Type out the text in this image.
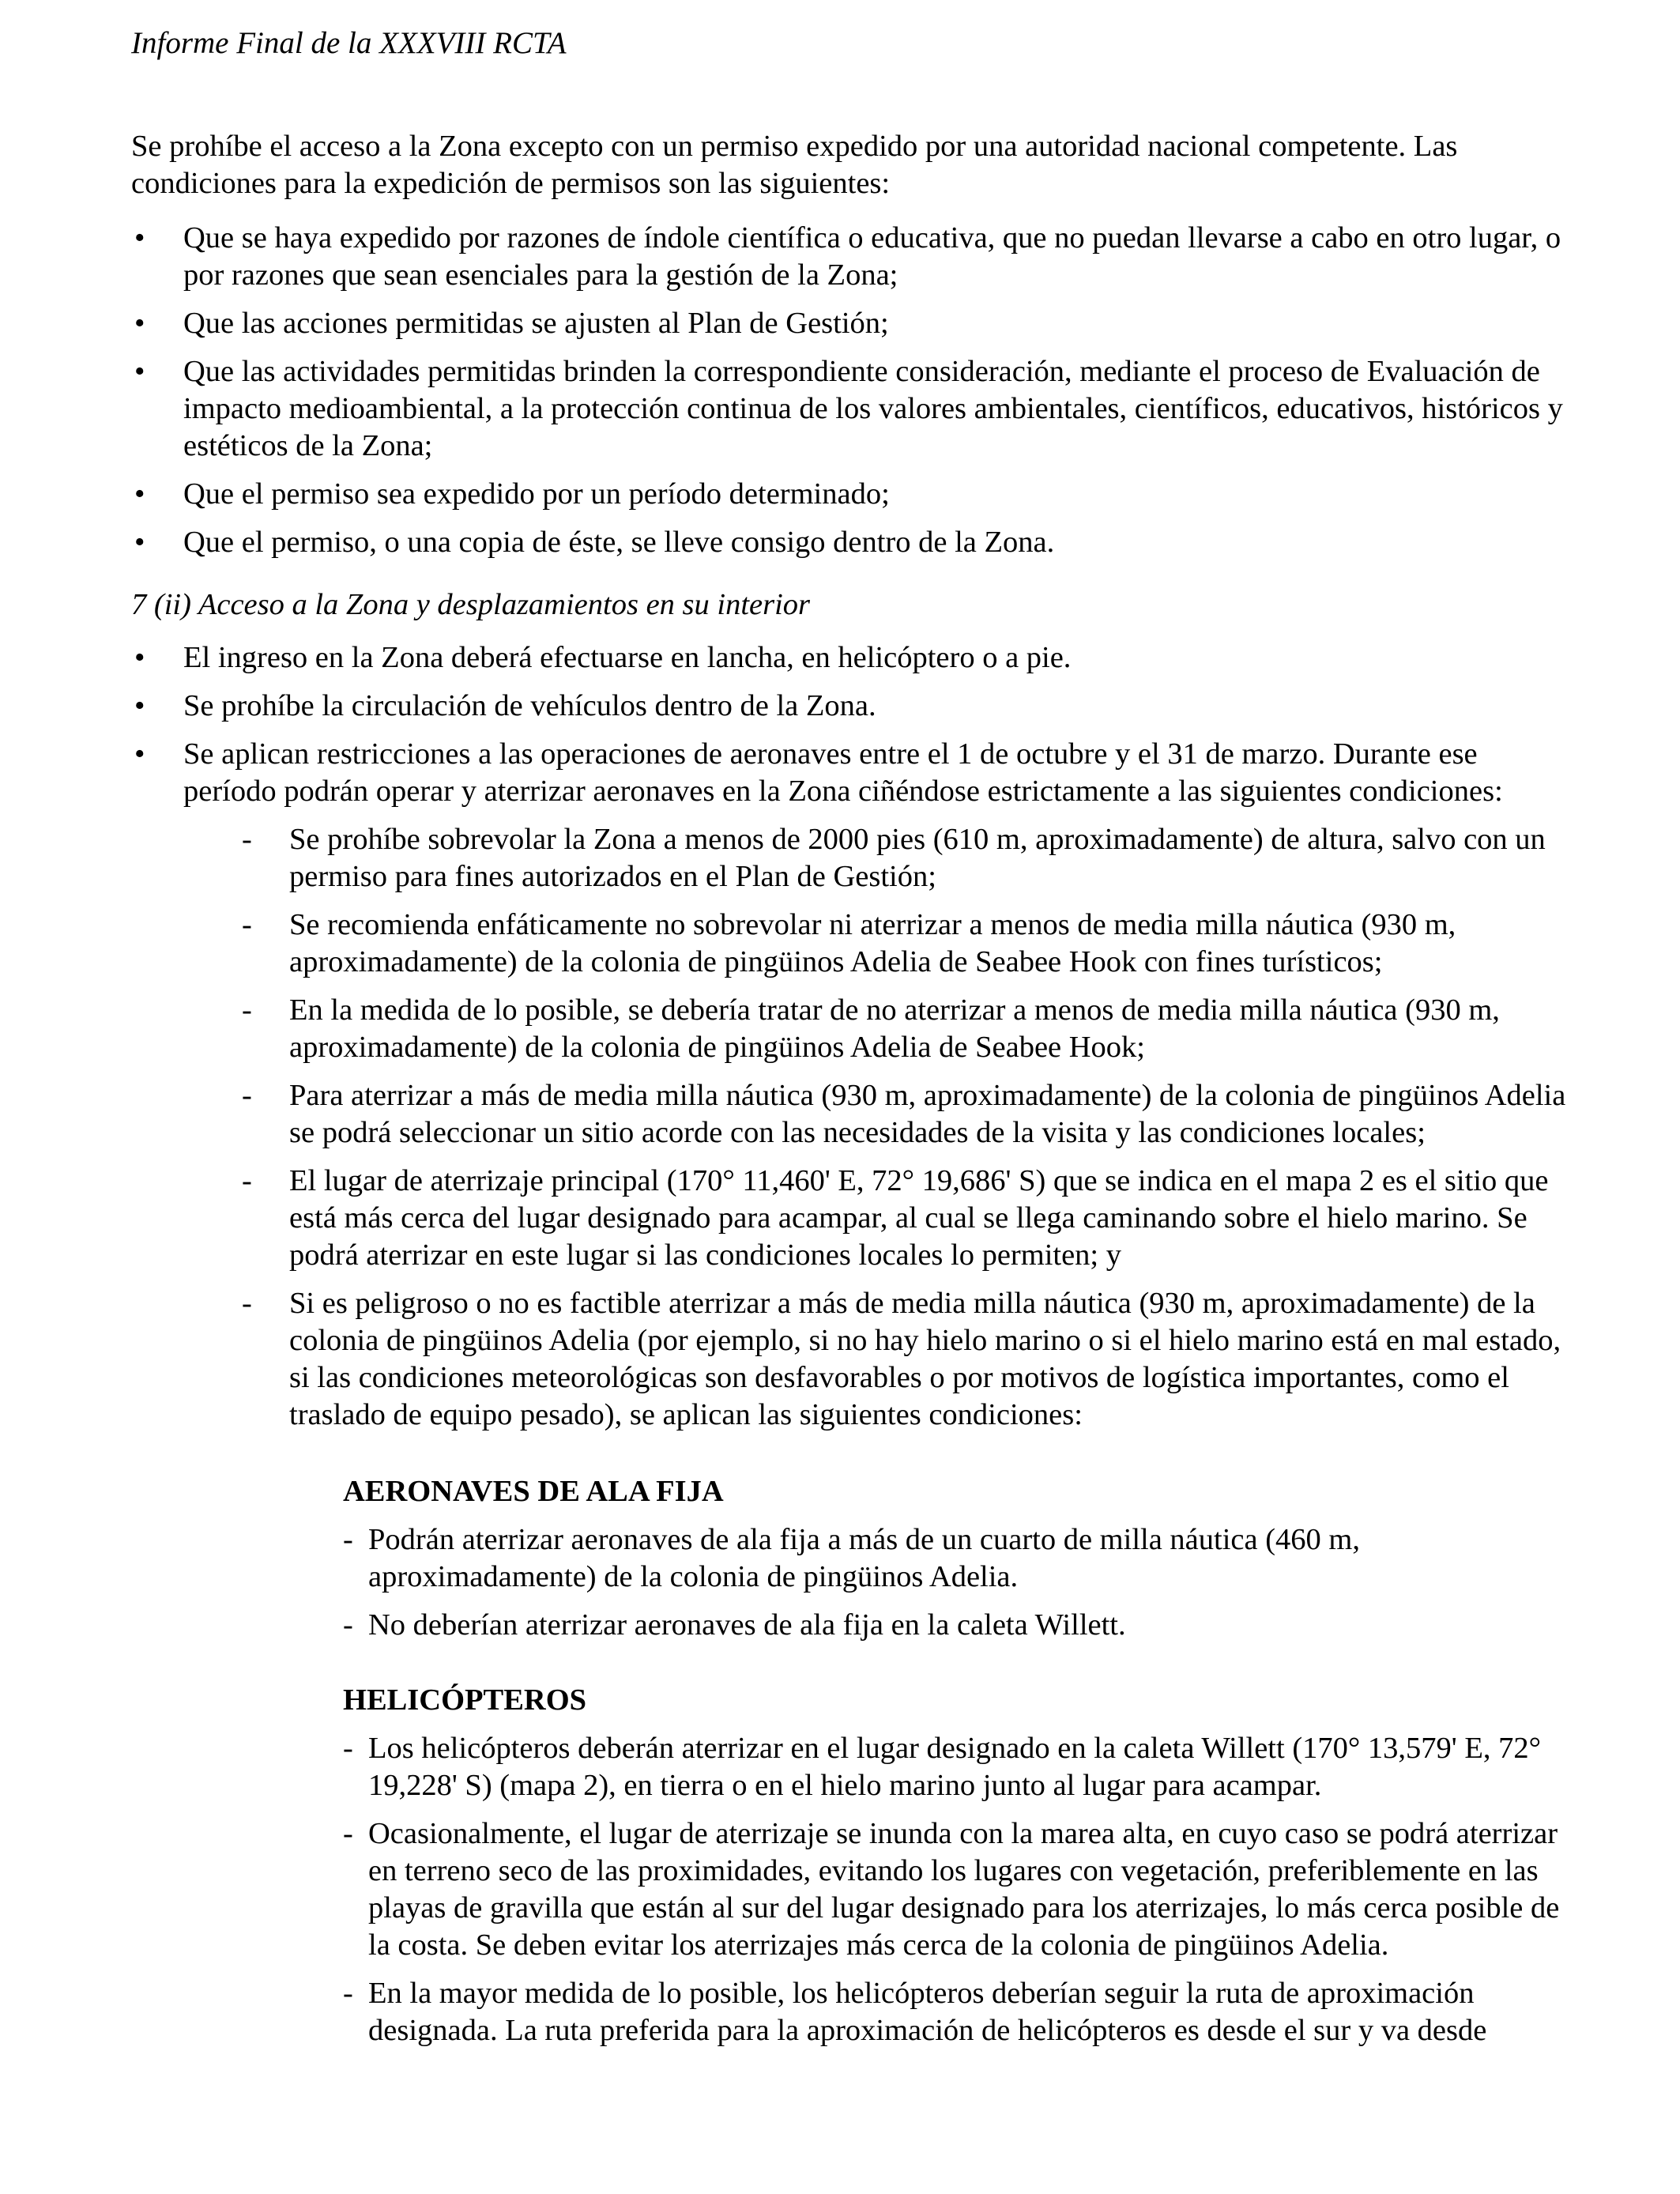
Informe Final de la XXXVIII RCTA

Se prohíbe el acceso a la Zona excepto con un permiso expedido por una autoridad nacional competente. Las condiciones para la expedición de permisos son las siguientes:

• Que se haya expedido por razones de índole científica o educativa, que no puedan llevarse a cabo en otro lugar, o por razones que sean esenciales para la gestión de la Zona;
• Que las acciones permitidas se ajusten al Plan de Gestión;
• Que las actividades permitidas brinden la correspondiente consideración, mediante el proceso de Evaluación de impacto medioambiental, a la protección continua de los valores ambientales, científicos, educativos, históricos y estéticos de la Zona;
• Que el permiso sea expedido por un período determinado;
• Que el permiso, o una copia de éste, se lleve consigo dentro de la Zona.

7 (ii) Acceso a la Zona y desplazamientos en su interior

• El ingreso en la Zona deberá efectuarse en lancha, en helicóptero o a pie.
• Se prohíbe la circulación de vehículos dentro de la Zona.
• Se aplican restricciones a las operaciones de aeronaves entre el 1 de octubre y el 31 de marzo. Durante ese período podrán operar y aterrizar aeronaves en la Zona ciñéndose estrictamente a las siguientes condiciones:
- Se prohíbe sobrevolar la Zona a menos de 2000 pies (610 m, aproximadamente) de altura, salvo con un permiso para fines autorizados en el Plan de Gestión;
- Se recomienda enfáticamente no sobrevolar ni aterrizar a menos de media milla náutica (930 m, aproximadamente) de la colonia de pingüinos Adelia de Seabee Hook con fines turísticos;
- En la medida de lo posible, se debería tratar de no aterrizar a menos de media milla náutica (930 m, aproximadamente) de la colonia de pingüinos Adelia de Seabee Hook;
- Para aterrizar a más de media milla náutica (930 m, aproximadamente) de la colonia de pingüinos Adelia se podrá seleccionar un sitio acorde con las necesidades de la visita y las condiciones locales;
- El lugar de aterrizaje principal (170° 11,460' E, 72° 19,686' S) que se indica en el mapa 2 es el sitio que está más cerca del lugar designado para acampar, al cual se llega caminando sobre el hielo marino. Se podrá aterrizar en este lugar si las condiciones locales lo permiten; y
- Si es peligroso o no es factible aterrizar a más de media milla náutica (930 m, aproximadamente) de la colonia de pingüinos Adelia (por ejemplo, si no hay hielo marino o si el hielo marino está en mal estado, si las condiciones meteorológicas son desfavorables o por motivos de logística importantes, como el traslado de equipo pesado), se aplican las siguientes condiciones:
AERONAVES DE ALA FIJA
- Podrán aterrizar aeronaves de ala fija a más de un cuarto de milla náutica (460 m, aproximadamente) de la colonia de pingüinos Adelia.
- No deberían aterrizar aeronaves de ala fija en la caleta Willett.
HELICÓPTEROS
- Los helicópteros deberán aterrizar en el lugar designado en la caleta Willett (170° 13,579' E, 72° 19,228' S) (mapa 2), en tierra o en el hielo marino junto al lugar para acampar.
- Ocasionalmente, el lugar de aterrizaje se inunda con la marea alta, en cuyo caso se podrá aterrizar en terreno seco de las proximidades, evitando los lugares con vegetación, preferiblemente en las playas de gravilla que están al sur del lugar designado para los aterrizajes, lo más cerca posible de la costa. Se deben evitar los aterrizajes más cerca de la colonia de pingüinos Adelia.
- En la mayor medida de lo posible, los helicópteros deberían seguir la ruta de aproximación designada. La ruta preferida para la aproximación de helicópteros es desde el sur y va desde
